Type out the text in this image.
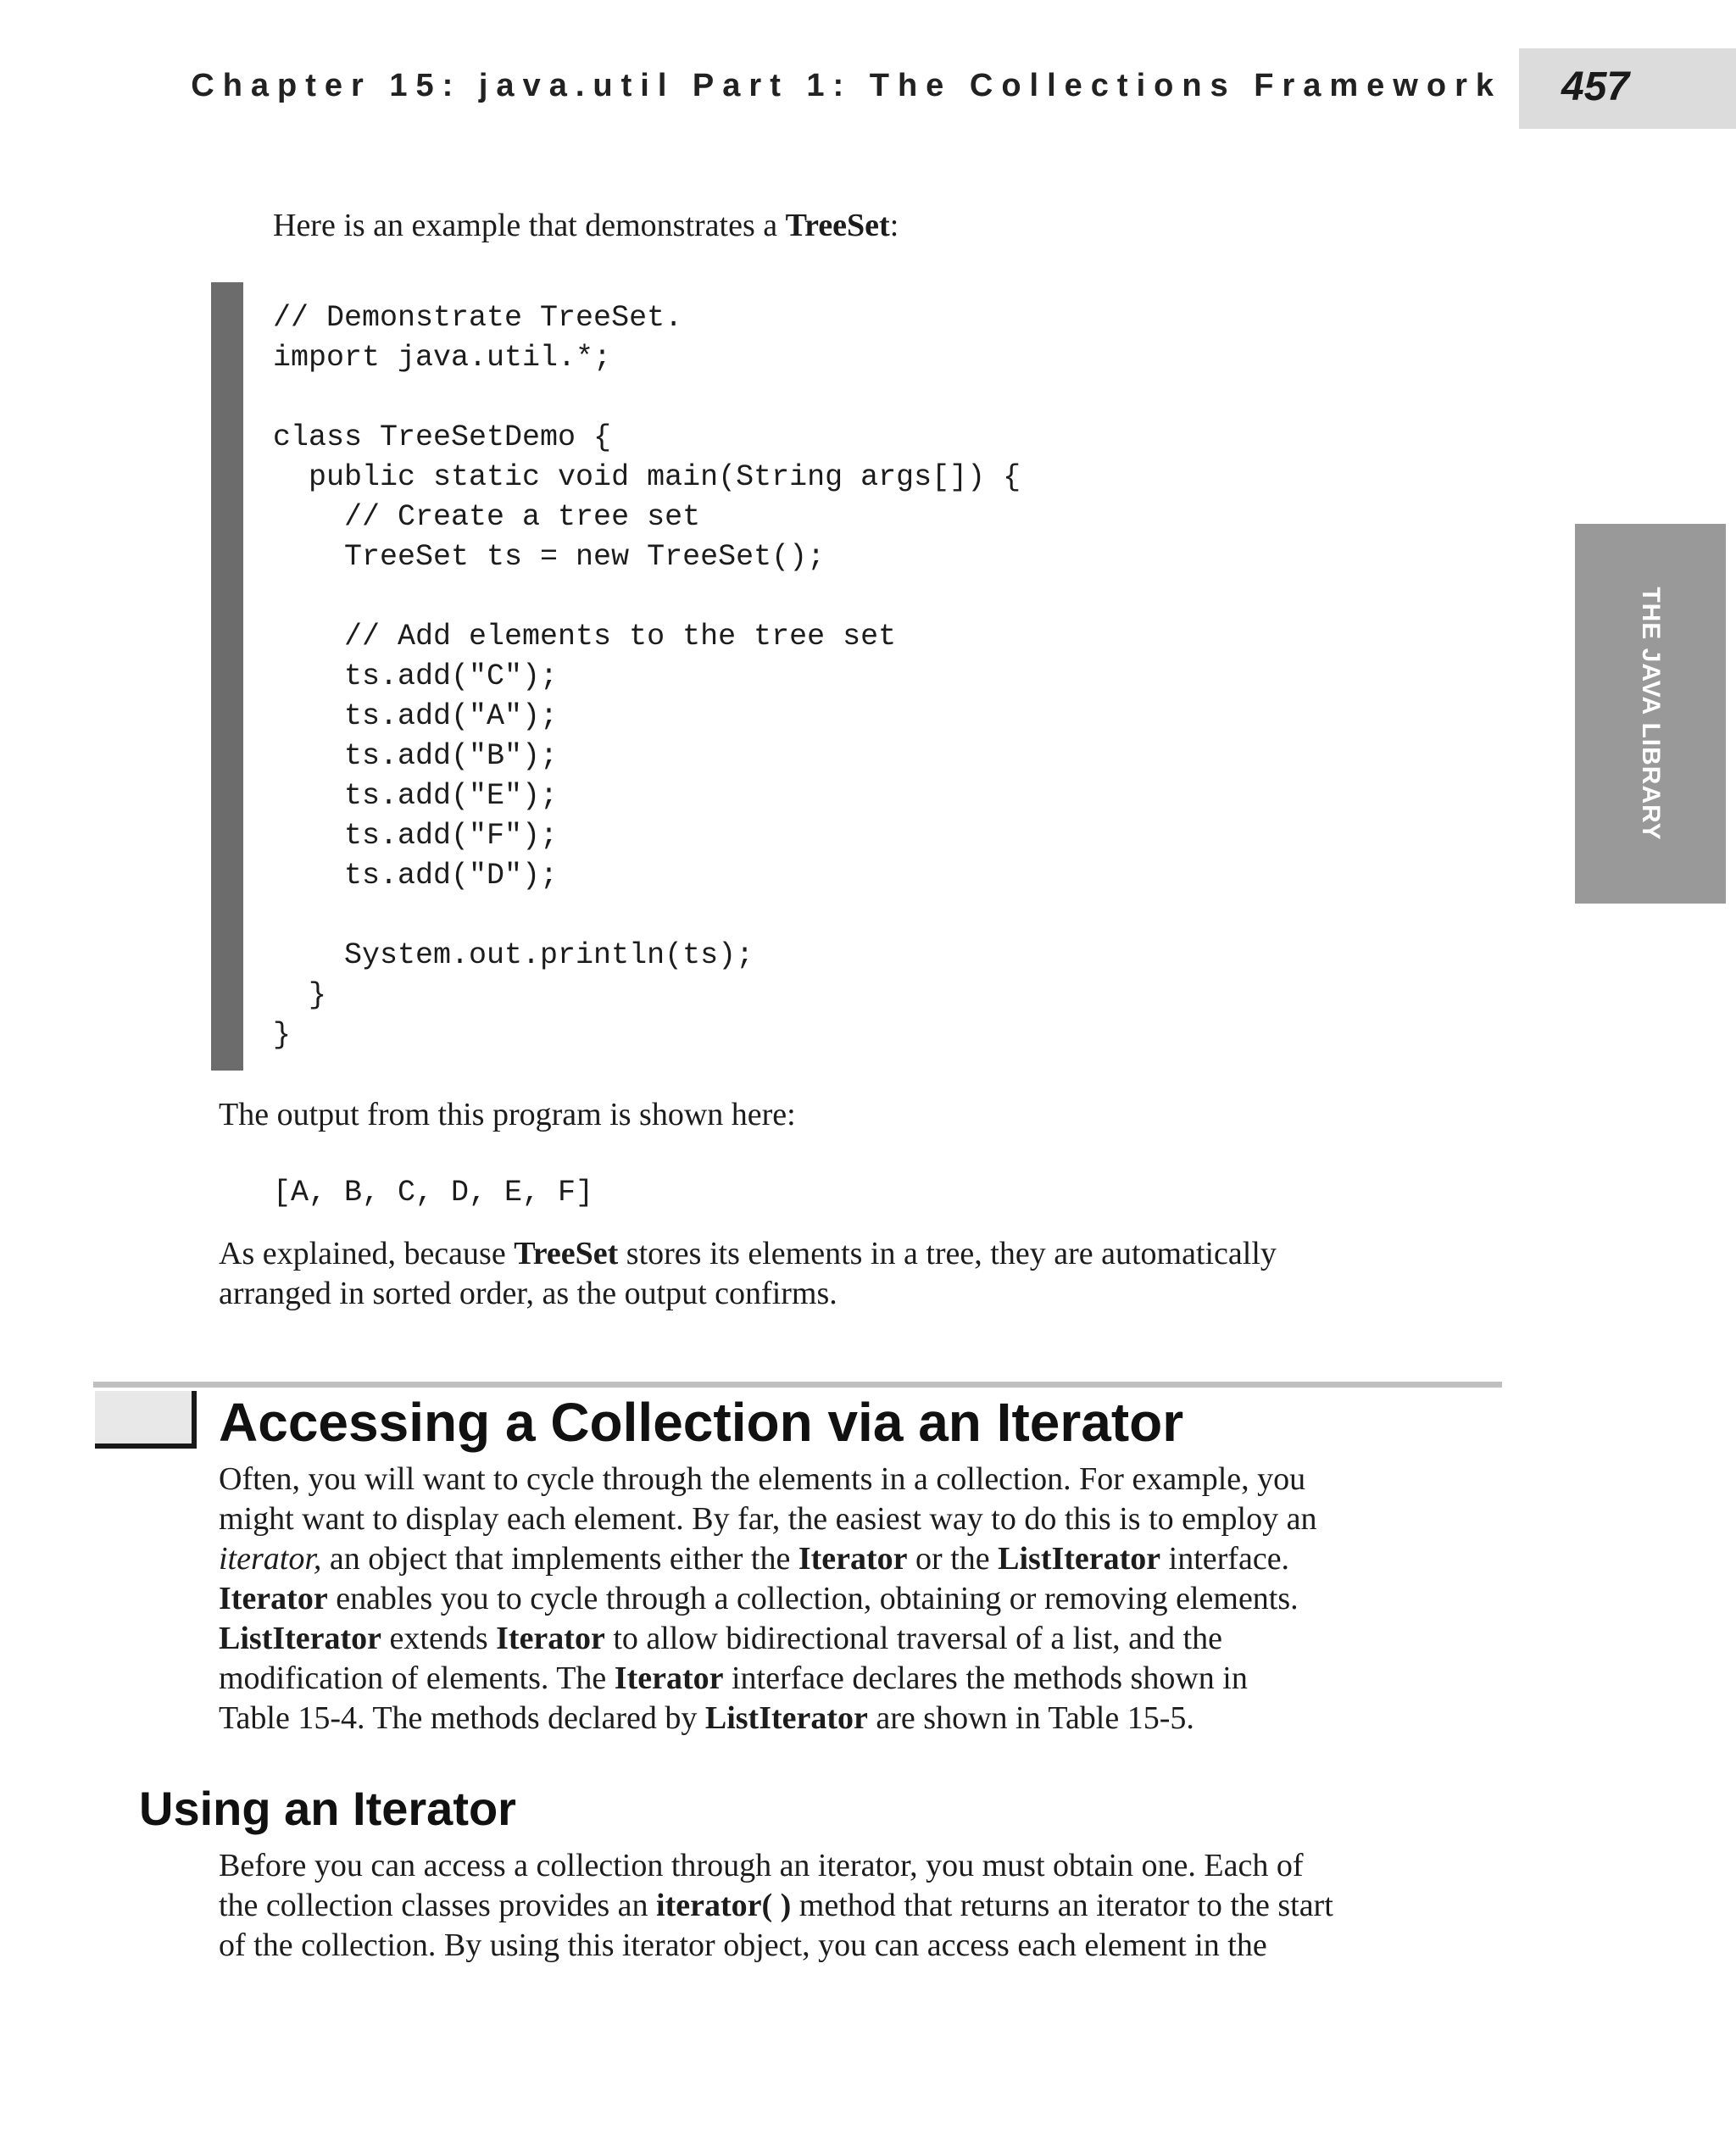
Chapter 15: java.util Part 1: The Collections Framework 457
THE JAVA LIBRARY
Here is an example that demonstrates a TreeSet:
// Demonstrate TreeSet.
import java.util.*;

class TreeSetDemo {
public static void main(String args[]) {
// Create a tree set
TreeSet ts = new TreeSet();

// Add elements to the tree set
ts.add("C");
ts.add("A");
ts.add("B");
ts.add("E");
ts.add("F");
ts.add("D");

System.out.println(ts);
}
}
The output from this program is shown here:
[A, B, C, D, E, F]
As explained, because TreeSet stores its elements in a tree, they are automatically
arranged in sorted order, as the output confirms.
Accessing a Collection via an Iterator
Often, you will want to cycle through the elements in a collection. For example, you
might want to display each element. By far, the easiest way to do this is to employ an
iterator, an object that implements either the Iterator or the ListIterator interface.
Iterator enables you to cycle through a collection, obtaining or removing elements.
ListIterator extends Iterator to allow bidirectional traversal of a list, and the
modification of elements. The Iterator interface declares the methods shown in
Table 15-4. The methods declared by ListIterator are shown in Table 15-5.
Using an Iterator
Before you can access a collection through an iterator, you must obtain one. Each of
the collection classes provides an iterator( ) method that returns an iterator to the start
of the collection. By using this iterator object, you can access each element in the
